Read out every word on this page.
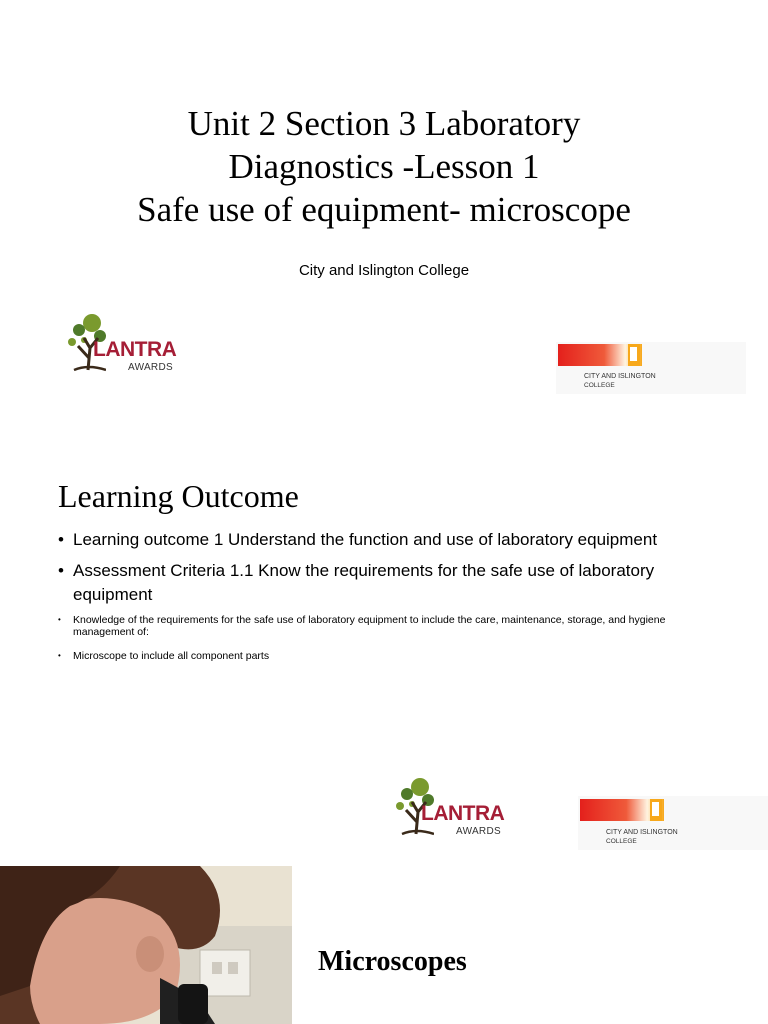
Unit 2 Section 3 Laboratory
Diagnostics -Lesson 1
Safe use of equipment- microscope

City and Islington College

LANTRA
AWARDS
CITY AND ISLINGTON
COLLEGE
Learning Outcome
• Learning outcome 1 Understand the function and use of laboratory equipment
• Assessment Criteria 1.1 Know the requirements for the safe use of laboratory equipment
• Knowledge of the requirements for the safe use of laboratory equipment to include the care, maintenance, storage, and hygiene management of:
• Microscope to include all component parts
LANTRA
AWARDS	CITY AND ISLINGTON
COLLEGE
Microscopes
